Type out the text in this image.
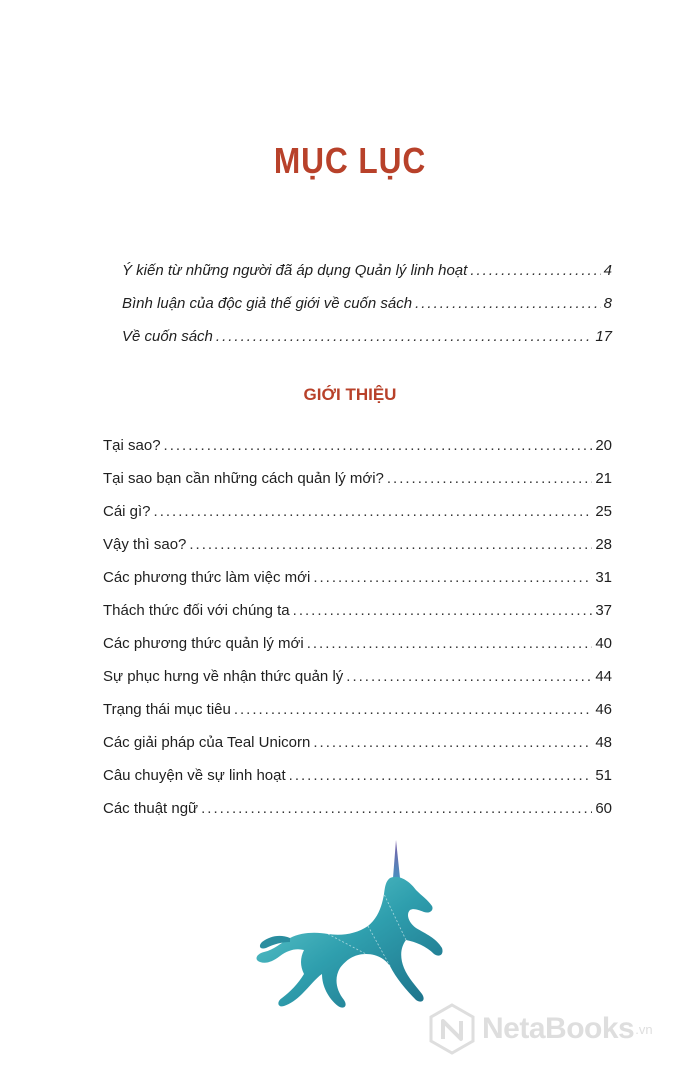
MỤC LỤC
Ý kiến từ những người đã áp dụng Quản lý linh hoạt .....	4
Bình luận của độc giả thế giới về cuốn sách .....	8
Về cuốn sách .....	17
GIỚI THIỆU
Tại sao? .....	20
Tại sao bạn cần những cách quản lý mới? .....	21
Cái gì? .....	25
Vậy thì sao? .....	28
Các phương thức làm việc mới .....	31
Thách thức đối với chúng ta .....	37
Các phương thức quản lý mới .....	40
Sự phục hưng về nhận thức quản lý .....	44
Trạng thái mục tiêu .....	46
Các giải pháp của Teal Unicorn .....	48
Câu chuyện về sự linh hoạt .....	51
Các thuật ngữ .....	60
NetaBooks .vn
